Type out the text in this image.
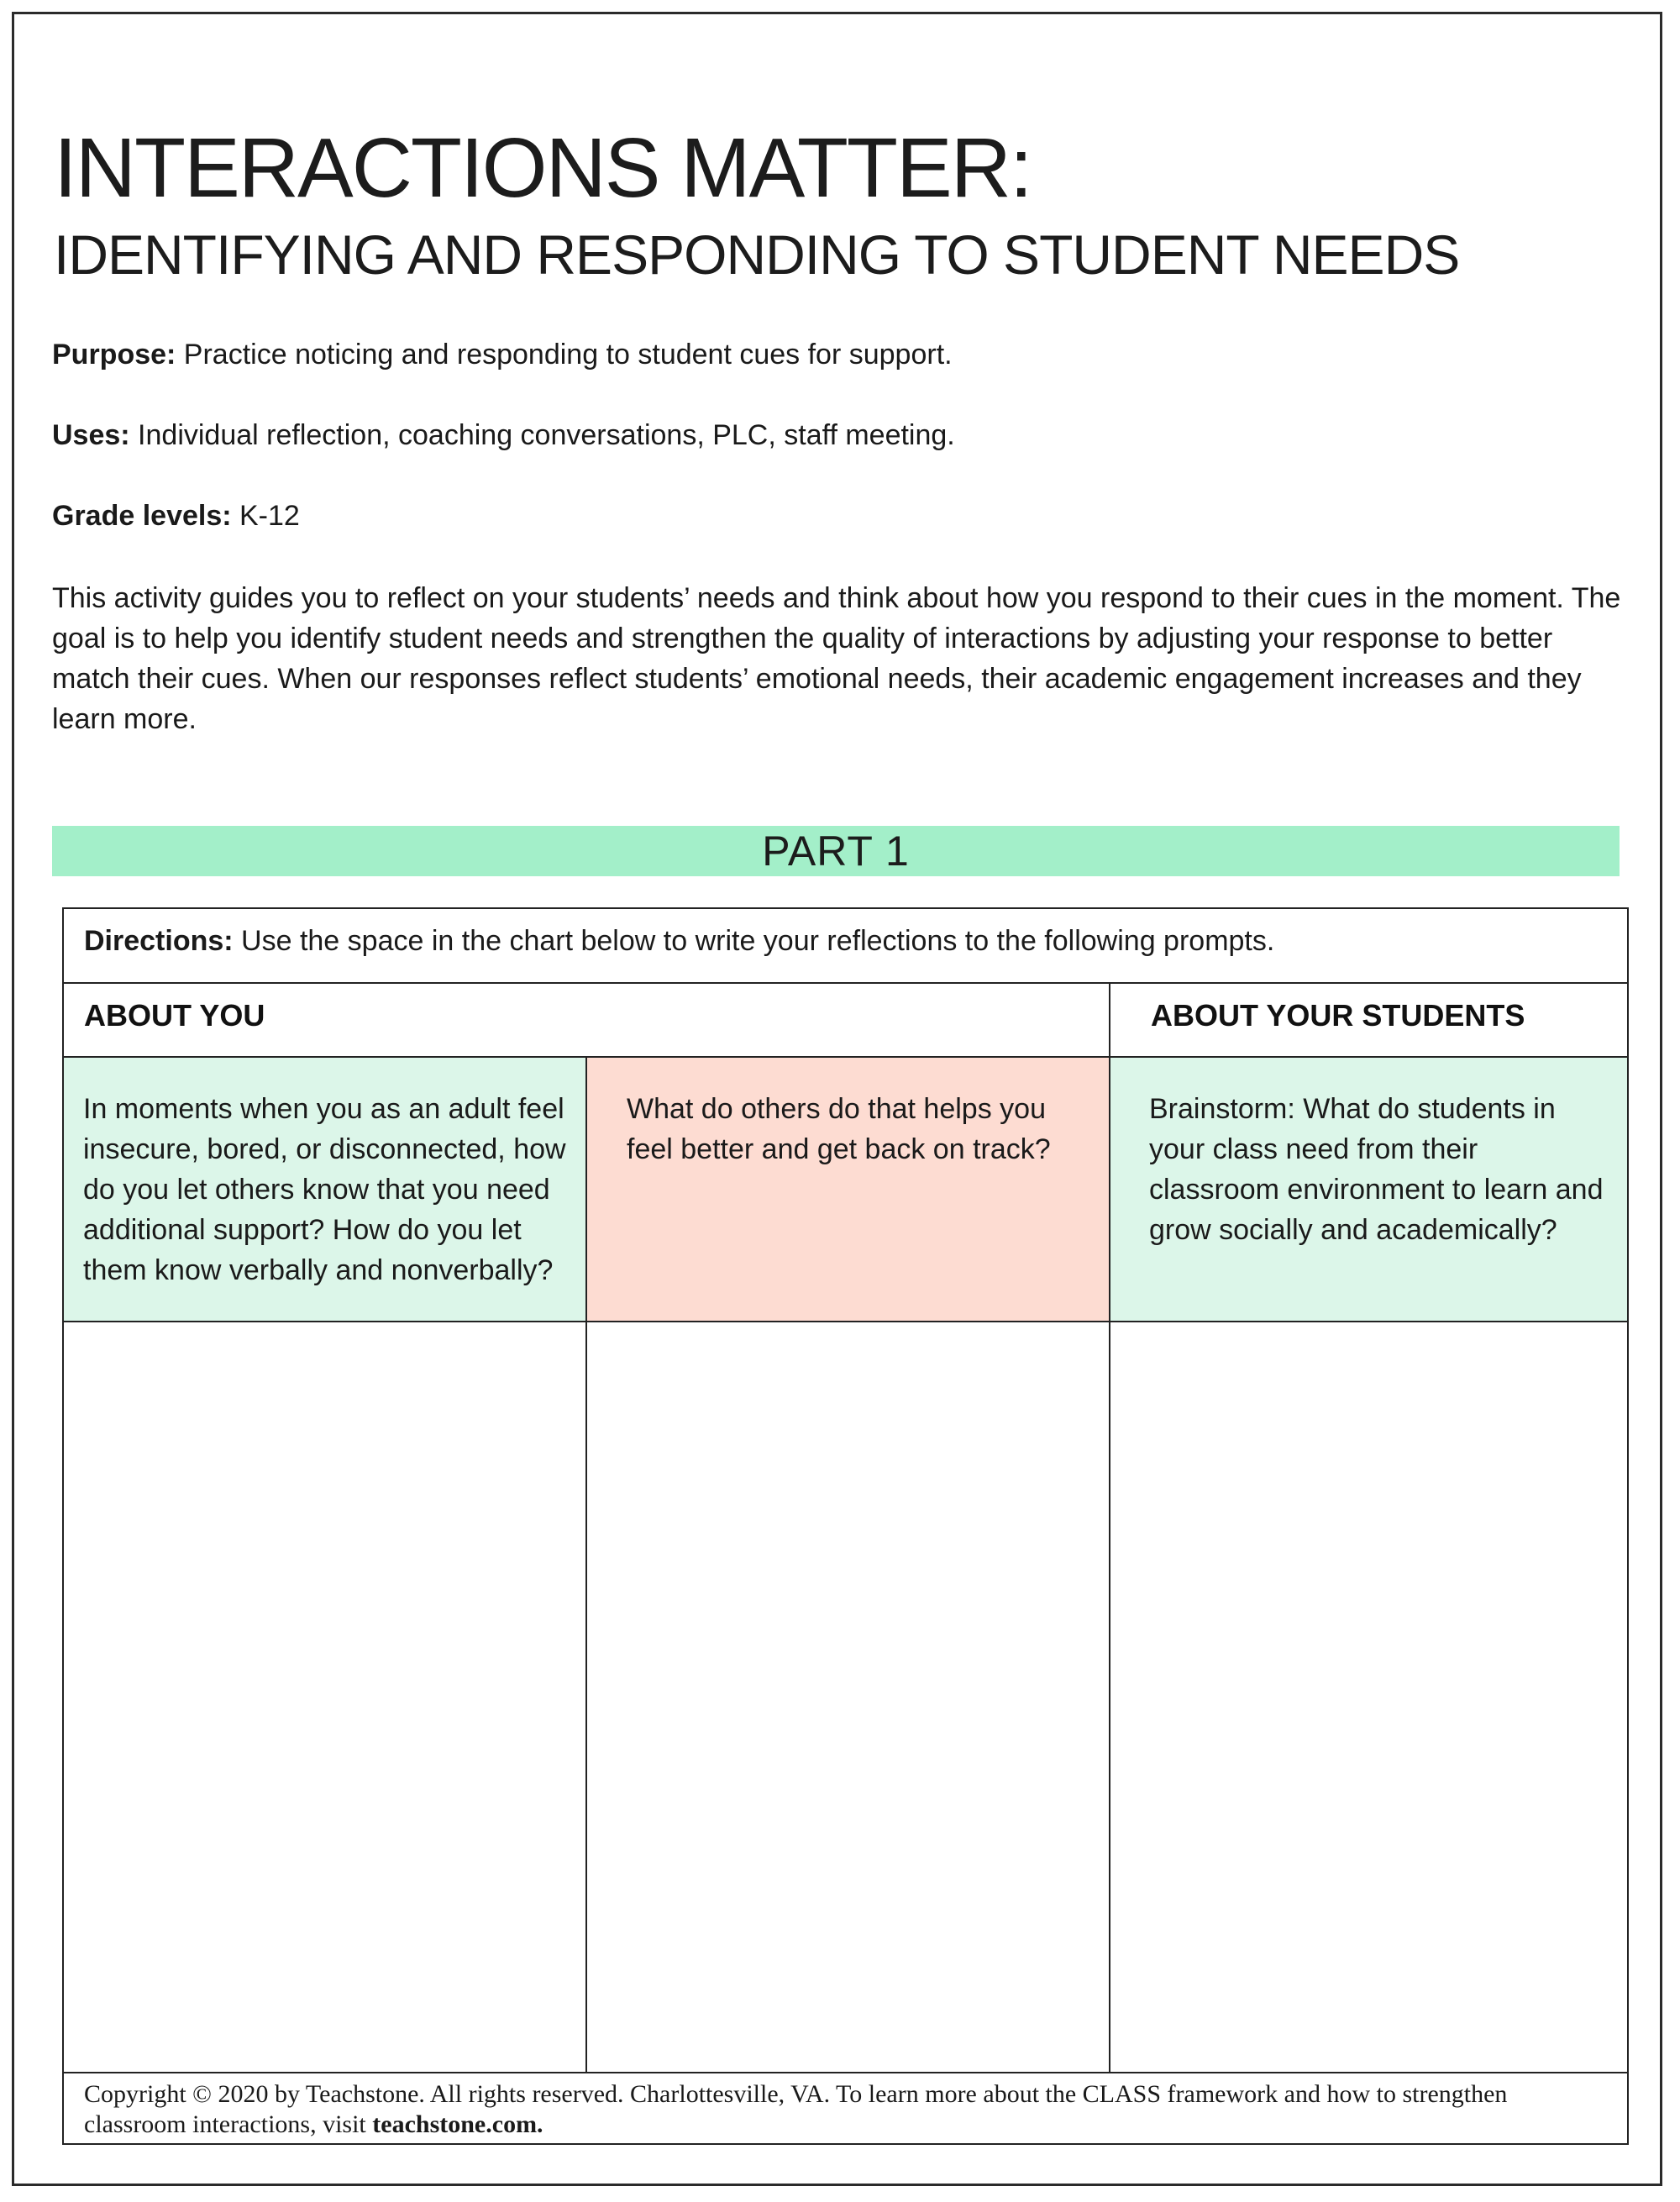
INTERACTIONS MATTER:
IDENTIFYING AND RESPONDING TO STUDENT NEEDS

Purpose: Practice noticing and responding to student cues for support.

Uses: Individual reflection, coaching conversations, PLC, staff meeting.

Grade levels: K-12

This activity guides you to reflect on your students’ needs and think about how you respond to their cues in the moment. The goal is to help you identify student needs and strengthen the quality of interactions by adjusting your response to better match their cues. When our responses reflect students’ emotional needs, their academic engagement increases and they learn more.

PART 1
Directions: Use the space in the chart below to write your reflections to the following prompts.
ABOUT YOU	ABOUT YOUR STUDENTS
In moments when you as an adult feel insecure, bored, or disconnected, how do you let others know that you need additional support? How do you let them know verbally and nonverbally?
What do others do that helps you feel better and get back on track?
Brainstorm: What do students in your class need from their classroom environment to learn and grow socially and academically?
Copyright © 2020 by Teachstone. All rights reserved. Charlottesville, VA. To learn more about the CLASS framework and how to strengthen classroom interactions, visit teachstone.com.
